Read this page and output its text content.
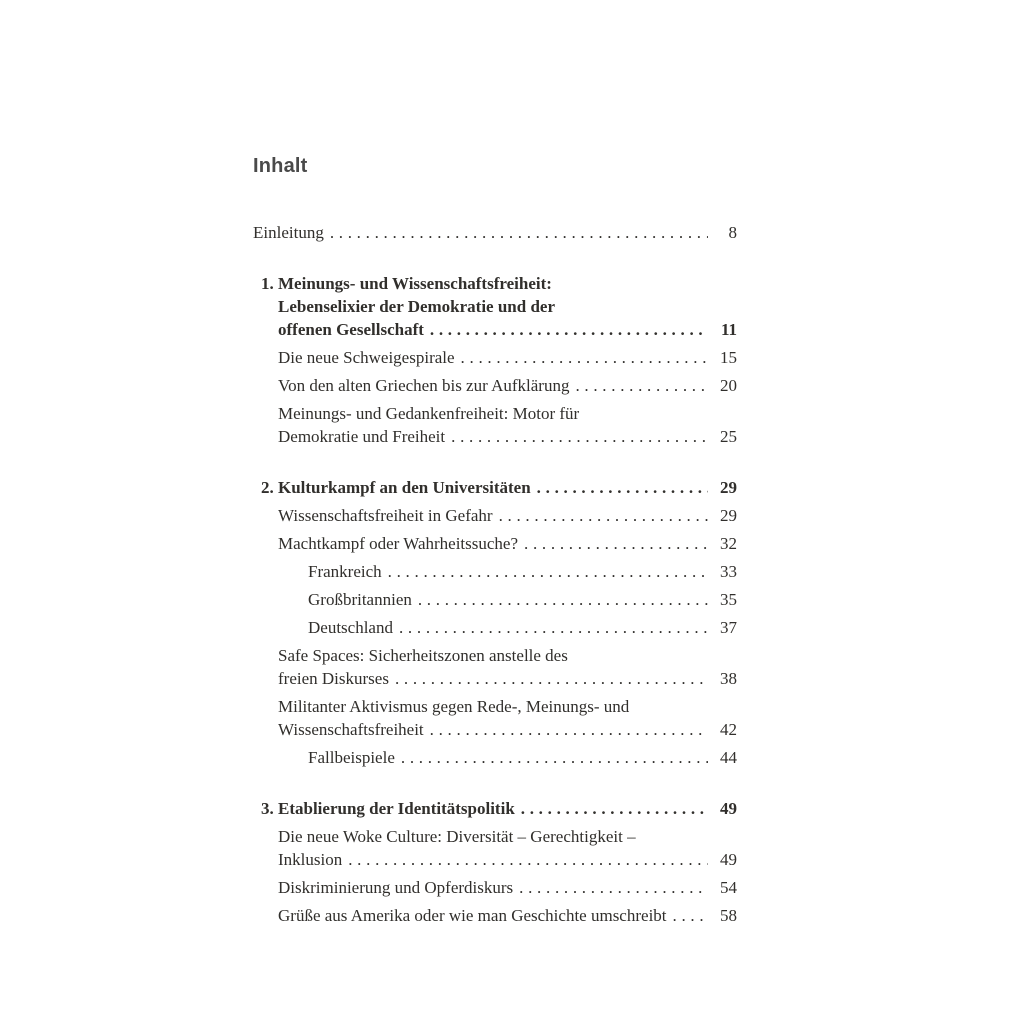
Inhalt
Einleitung .....	8
1. Meinungs- und Wissenschaftsfreiheit:
Lebenselixier der Demokratie und der
offenen Gesellschaft .....	11
Die neue Schweigespirale .....	15
Von den alten Griechen bis zur Aufklärung .....	20
Meinungs- und Gedankenfreiheit: Motor für
Demokratie und Freiheit .....	25
2. Kulturkampf an den Universitäten .....	29
Wissenschaftsfreiheit in Gefahr .....	29
Machtkampf oder Wahrheitssuche? .....	32
Frankreich .....	33
Großbritannien .....	35
Deutschland .....	37
Safe Spaces: Sicherheitszonen anstelle des
freien Diskurses .....	38
Militanter Aktivismus gegen Rede-, Meinungs- und
Wissenschaftsfreiheit .....	42
Fallbeispiele .....	44
3. Etablierung der Identitätspolitik .....	49
Die neue Woke Culture: Diversität – Gerechtigkeit –
Inklusion .....	49
Diskriminierung und Opferdiskurs .....	54
Grüße aus Amerika oder wie man Geschichte umschreibt .....	58
